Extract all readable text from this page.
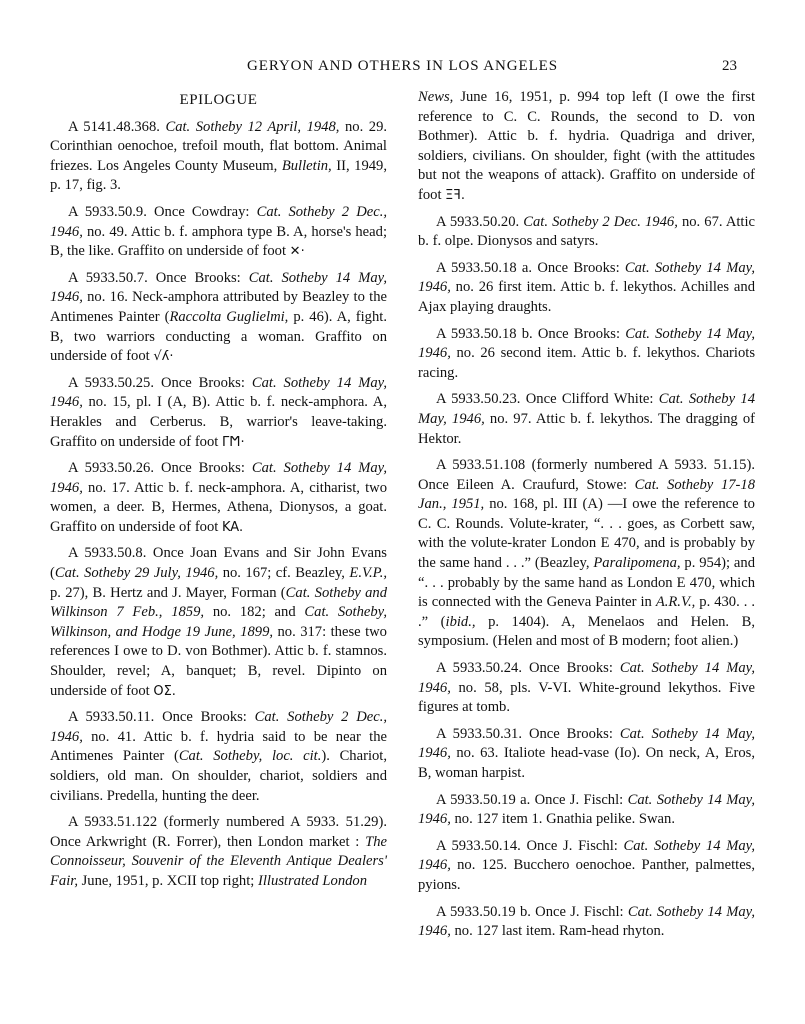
GERYON AND OTHERS IN LOS ANGELES	23
EPILOGUE

A 5141.48.368. Cat. Sotheby 12 April, 1948, no. 29. Corinthian oenochoe, trefoil mouth, flat bottom. Animal friezes. Los Angeles County Museum, Bulletin, II, 1949, p. 17, fig. 3.

A 5933.50.9. Once Cowdray: Cat. Sotheby 2 Dec., 1946, no. 49. Attic b. f. amphora type B. A, horse's head; B, the like. Graffito on underside of foot ✕·

A 5933.50.7. Once Brooks: Cat. Sotheby 14 May, 1946, no. 16. Neck-amphora attributed by Beazley to the Antimenes Painter (Raccolta Guglielmi, p. 46). A, fight. B, two warriors conducting a woman. Graffito on underside of foot √ʎ·

A 5933.50.25. Once Brooks: Cat. Sotheby 14 May, 1946, no. 15, pl. I (A, B). Attic b. f. neck-amphora. A, Herakles and Cerberus. B, warrior's leave-taking. Graffito on underside of foot ΓϺ·

A 5933.50.26. Once Brooks: Cat. Sotheby 14 May, 1946, no. 17. Attic b. f. neck-amphora. A, citharist, two women, a deer. B, Hermes, Athena, Dionysos, a goat. Graffito on underside of foot KA.

A 5933.50.8. Once Joan Evans and Sir John Evans (Cat. Sotheby 29 July, 1946, no. 167; cf. Beazley, E.V.P., p. 27), B. Hertz and J. Mayer, Forman (Cat. Sotheby and Wilkinson 7 Feb., 1859, no. 182; and Cat. Sotheby, Wilkinson, and Hodge 19 June, 1899, no. 317: these two references I owe to D. von Bothmer). Attic b. f. stamnos. Shoulder, revel; A, banquet; B, revel. Dipinto on underside of foot OΣ.

A 5933.50.11. Once Brooks: Cat. Sotheby 2 Dec., 1946, no. 41. Attic b. f. hydria said to be near the Antimenes Painter (Cat. Sotheby, loc. cit.). Chariot, soldiers, old man. On shoulder, chariot, soldiers and civilians. Predella, hunting the deer.

A 5933.51.122 (formerly numbered A 5933. 51.29). Once Arkwright (R. Forrer), then London market : The Connoisseur, Souvenir of the Eleventh Antique Dealers' Fair, June, 1951, p. XCII top right; Illustrated London

News, June 16, 1951, p. 994 top left (I owe the first reference to C. C. Rounds, the second to D. von Bothmer). Attic b. f. hydria. Quadriga and driver, soldiers, civilians. On shoulder, fight (with the attitudes but not the weapons of attack). Graffito on underside of foot Ξꟻ.

A 5933.50.20. Cat. Sotheby 2 Dec. 1946, no. 67. Attic b. f. olpe. Dionysos and satyrs.

A 5933.50.18 a. Once Brooks: Cat. Sotheby 14 May, 1946, no. 26 first item. Attic b. f. lekythos. Achilles and Ajax playing draughts.

A 5933.50.18 b. Once Brooks: Cat. Sotheby 14 May, 1946, no. 26 second item. Attic b. f. lekythos. Chariots racing.

A 5933.50.23. Once Clifford White: Cat. Sotheby 14 May, 1946, no. 97. Attic b. f. lekythos. The dragging of Hektor.

A 5933.51.108 (formerly numbered A 5933. 51.15). Once Eileen A. Craufurd, Stowe: Cat. Sotheby 17-18 Jan., 1951, no. 168, pl. III (A) —I owe the reference to C. C. Rounds. Volute-krater, “. . . goes, as Corbett saw, with the volute-krater London E 470, and is probably by the same hand . . .” (Beazley, Paralipomena, p. 954); and “. . . probably by the same hand as London E 470, which is connected with the Geneva Painter in A.R.V., p. 430. . . .” (ibid., p. 1404). A, Menelaos and Helen. B, symposium. (Helen and most of B modern; foot alien.)

A 5933.50.24. Once Brooks: Cat. Sotheby 14 May, 1946, no. 58, pls. V-VI. White-ground lekythos. Five figures at tomb.

A 5933.50.31. Once Brooks: Cat. Sotheby 14 May, 1946, no. 63. Italiote head-vase (Io). On neck, A, Eros, B, woman harpist.

A 5933.50.19 a. Once J. Fischl: Cat. Sotheby 14 May, 1946, no. 127 item 1. Gnathia pelike. Swan.

A 5933.50.14. Once J. Fischl: Cat. Sotheby 14 May, 1946, no. 125. Bucchero oenochoe. Panther, palmettes, pyions.

A 5933.50.19 b. Once J. Fischl: Cat. Sotheby 14 May, 1946, no. 127 last item. Ram-head rhyton.
